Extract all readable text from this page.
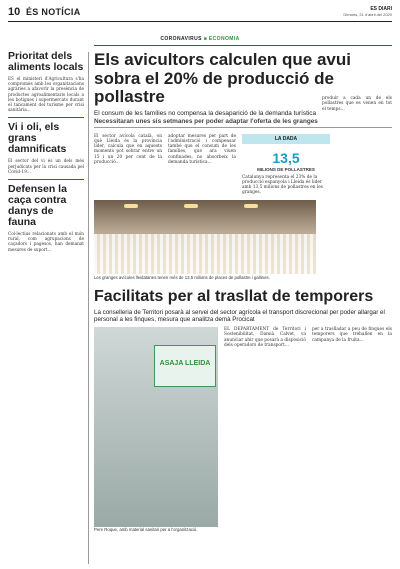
10 ÉS NOTÍCIA	ES DIARI
Dimarts, 21 d'abril del 2020
CORONAVIRUS ■ ECONOMIA
Prioritat dels aliments locals
ES el ministeri d'Agricultura s'ha compromès amb les organitzacions agràries a afavorir la presència de productes agroalimentaris locals a les botigues i supermercats durant el tancament del turisme per crisi sanitària...
Vi i oli, els grans damnificats
El sector del vi és un dels més perjudicats per la crisi causada pel Covid-19...
Defensen la caça contra danys de fauna
Col·lectius relacionats amb el món rural, com agrupacions de caçadors i pagesos, han demanat mesures de suport...
Els avicultors calculen que avui sobra el 20% de producció de pollastre
El consum de les famílies no compensa la desaparició de la demanda turística
Necessitaran unes sis setmanes per poder adaptar l'oferta de les granges
El sector avícola català, on què Lleida és la província líder, calcula que en aquests moments pot sobrar entre un 15 i un 20 per cent de la producció...
adoptar mesures per part de l'administració i compensar també que el consum de les famílies, que ara viuen confinades, no absorbeix la demanda turística...
LA DADA
13,5
MILIONS DE POLLASTRES
Catalunya representa el 23% de la producció espanyola i Lleida és líder amb 13,5 milions de pollastres en les granges.
produir a cada un de els pollastres que es venen en tot el temps...
Les granges avícoles lleidatanes tenen més de 13,5 milions de places de pollastre i gallines.
Facilitats per al trasllat de temporers
La conselleria de Territori posarà al servei del sector agrícola el transport discrecional per poder allargar el personal a les finques, mesura que analitza demà Procicat
ASAJA LLEIDA
Pere Roque, amb material sanitari per a l'organització.
EL DEPARTAMENT de Territori i Sostenibilitat, Damià Calvet, va anunciar ahir que posarà a disposició dels operadors de transport...
per a traslladar a peu de finques els temporers que treballen en la campanya de la fruita...
